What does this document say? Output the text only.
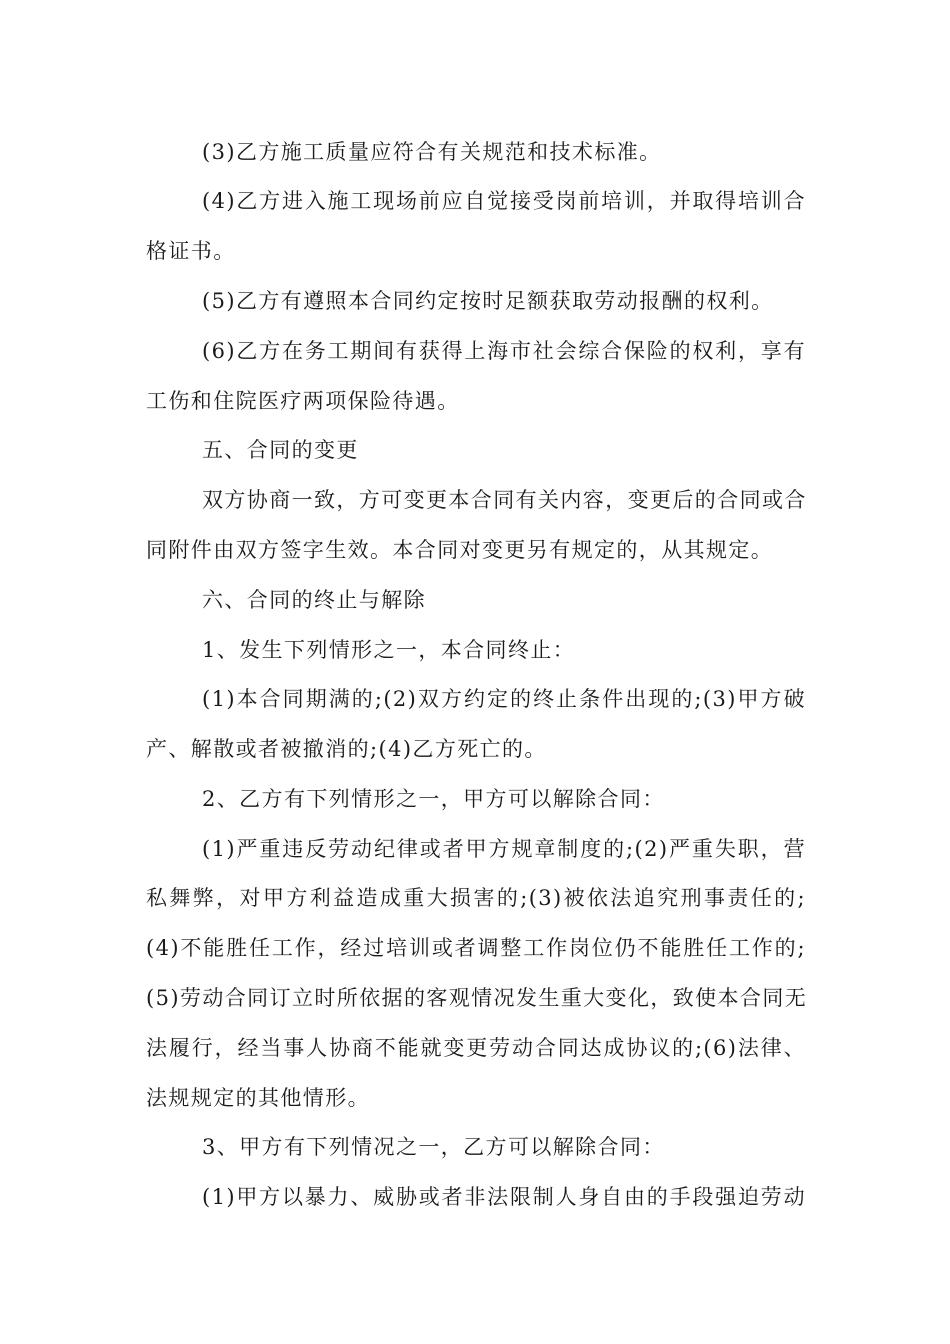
(3)乙方施工质量应符合有关规范和技术标准。
(4)乙方进入施工现场前应自觉接受岗前培训，并取得培训合
格证书。
(5)乙方有遵照本合同约定按时足额获取劳动报酬的权利。
(6)乙方在务工期间有获得上海市社会综合保险的权利，享有
工伤和住院医疗两项保险待遇。
五、合同的变更
双方协商一致，方可变更本合同有关内容，变更后的合同或合
同附件由双方签字生效。本合同对变更另有规定的，从其规定。
六、合同的终止与解除
1、发生下列情形之一，本合同终止：
(1)本合同期满的;(2)双方约定的终止条件出现的;(3)甲方破
产、解散或者被撤消的;(4)乙方死亡的。
2、乙方有下列情形之一，甲方可以解除合同：
(1)严重违反劳动纪律或者甲方规章制度的;(2)严重失职，营
私舞弊，对甲方利益造成重大损害的;(3)被依法追究刑事责任的;
(4)不能胜任工作，经过培训或者调整工作岗位仍不能胜任工作的;
(5)劳动合同订立时所依据的客观情况发生重大变化，致使本合同无
法履行，经当事人协商不能就变更劳动合同达成协议的;(6)法律、
法规规定的其他情形。
3、甲方有下列情况之一，乙方可以解除合同：
(1)甲方以暴力、威胁或者非法限制人身自由的手段强迫劳动
